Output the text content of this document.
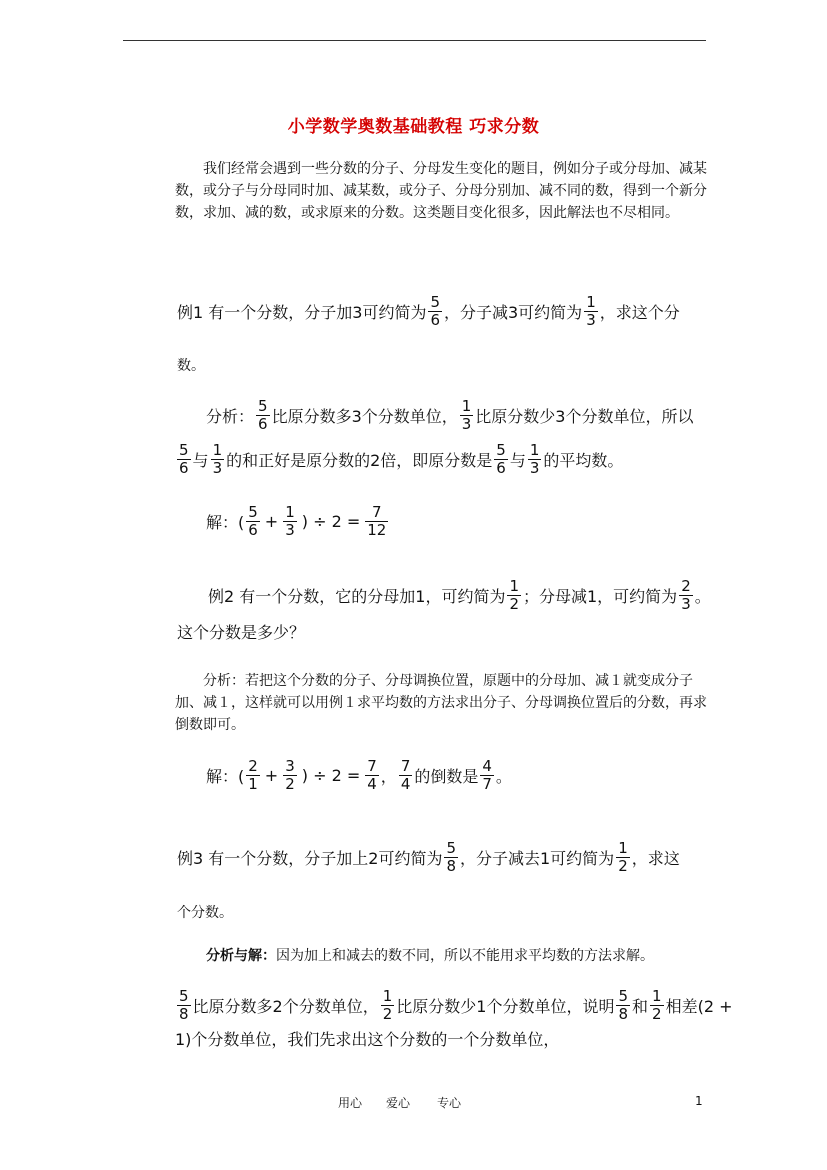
小学数学奥数基础教程 巧求分数
我们经常会遇到一些分数的分子、分母发生变化的题目，例如分子或分母加、减某数，或分子与分母同时加、减某数，或分子、分母分别加、减不同的数，得到一个新分数，求加、减的数，或求原来的分数。这类题目变化很多，因此解法也不尽相同。
例1 有一个分数，分子加3可约简为 $\frac{5}{6}$ ，分子减3可约简为 $\frac{1}{3}$ ，求这个分
数。
分析： $\frac{5}{6}$ 比原分数多3个分数单位， $\frac{1}{3}$ 比原分数少3个分数单位，所以
$\frac{5}{6}$ 与 $\frac{1}{3}$ 的和正好是原分数的2倍，即原分数是 $\frac{5}{6}$ 与 $\frac{1}{3}$ 的平均数。
解：( $\frac{5}{6} + \frac{1}{3}$ ) ÷ $2 = \frac{7}{12}$
例2 有一个分数，它的分母加1，可约简为 $\frac{1}{2}$ ；分母减1，可约简为 $\frac{2}{3}$ 。
这个分数是多少？
分析：若把这个分数的分子、分母调换位置，原题中的分母加、减１就变成分子加、减１，这样就可以用例１求平均数的方法求出分子、分母调换位置后的分数，再求倒数即可。
解：( $\frac{2}{1} + \frac{3}{2}$ ) ÷ $2 = \frac{7}{4}$ ， $\frac{7}{4}$ 的倒数是 $\frac{4}{7}$ 。
例3 有一个分数，分子加上2可约简为 $\frac{5}{8}$ ，分子减去1可约简为 $\frac{1}{2}$ ，求这
个分数。
分析与解： 因为加上和减去的数不同，所以不能用求平均数的方法求解。
$\frac{5}{8}$ 比原分数多2个分数单位， $\frac{1}{2}$ 比原分数少1个分数单位，说明 $\frac{5}{8}$ 和 $\frac{1}{2}$ 相差(2 +
1)个分数单位，我们先求出这个分数的一个分数单位，
用心 爱心 专心	1
